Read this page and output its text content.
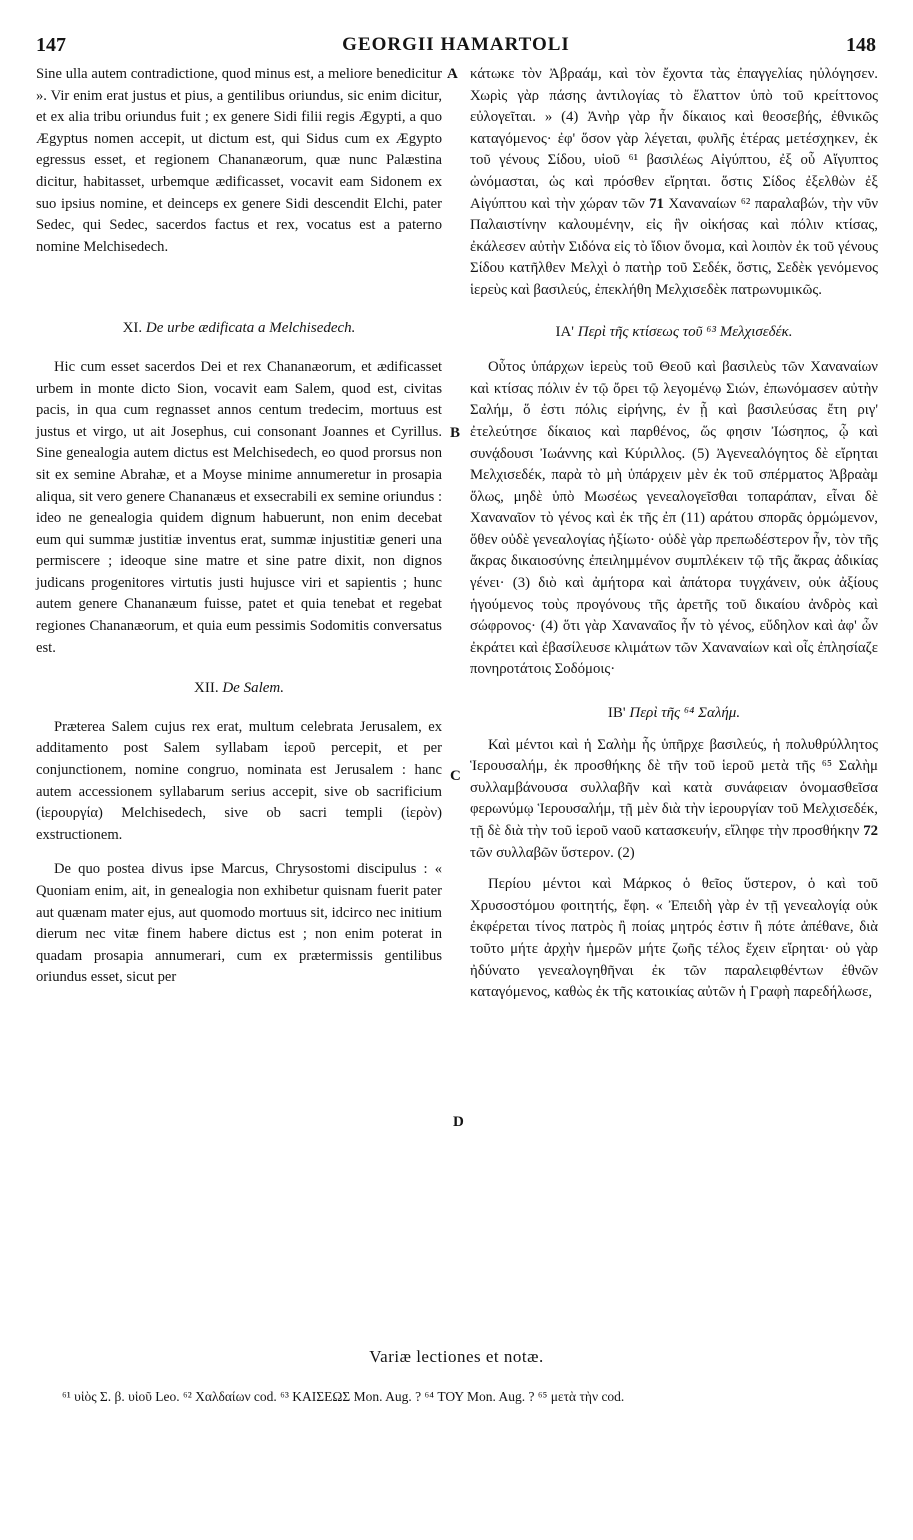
147	GEORGII HAMARTOLI	148
A
B
C
D

Sine ulla autem contradictione, quod minus est, a meliore benedicitur ». Vir enim erat justus et pius, a gentilibus oriundus, sic enim dicitur, et ex alia tribu oriundus fuit ; ex genere Sidi filii regis Ægypti, a quo Ægyptus nomen accepit, ut dictum est, qui Sidus cum ex Ægypto egressus esset, et regionem Chananæorum, quæ nunc Palæstina dicitur, habitasset, urbemque ædificasset, vocavit eam Sidonem ex suo ipsius nomine, et deinceps ex genere Sidi descendit Elchi, pater Sedec, qui Sedec, sacerdos factus et rex, vocatus est a paterno nomine Melchisedech.

XI. De urbe ædificata a Melchisedech.

Hic cum esset sacerdos Dei et rex Chananæorum, et ædificasset urbem in monte dicto Sion, vocavit eam Salem, quod est, civitas pacis, in qua cum regnasset annos centum tredecim, mortuus est justus et virgo, ut ait Josephus, cui consonant Joannes et Cyrillus. Sine genealogia autem dictus est Melchisedech, eo quod prorsus non sit ex semine Abrahæ, et a Moyse minime annumeretur in prosapia aliqua, sit vero genere Chananæus et exsecrabili ex semine oriundus : ideo ne genealogia quidem dignum habuerunt, non enim decebat eum qui summæ justitiæ inventus erat, summæ injustitiæ generi una permiscere ; ideoque sine matre et sine patre dixit, non dignos judicans progenitores virtutis justi hujusce viri et sapientis ; hunc autem genere Chananæum fuisse, patet et quia tenebat et regebat regiones Chananæorum, et quia eum pessimis Sodomitis conversatus est.

XII. De Salem.

Præterea Salem cujus rex erat, multum celebrata Jerusalem, ex additamento post Salem syllabam ἱεροῦ percepit, et per conjunctionem, nomine congruo, nominata est Jerusalem : hanc autem accessionem syllabarum serius accepit, sive ob sacrificium (ἱερουργία) Melchisedech, sive ob sacri templi (ἱερὸν) exstructionem.

De quo postea divus ipse Marcus, Chrysostomi discipulus : « Quoniam enim, ait, in genealogia non exhibetur quisnam fuerit pater aut quænam mater ejus, aut quomodo mortuus sit, idcirco nec initium dierum nec vitæ finem habere dictus est ; non enim poterat in quadam prosapia annumerari, cum ex prætermissis gentilibus oriundus esset, sicut per

κάτωκε τὸν Ἀβραάμ, καὶ τὸν ἔχοντα τὰς ἐπαγγελίας ηὐλόγησεν. Χωρὶς γὰρ πάσης ἀντιλογίας τὸ ἔλαττον ὑπὸ τοῦ κρείττονος εὐλογεῖται. » (4) Ἀνὴρ γὰρ ἦν δίκαιος καὶ θεοσεβής, ἐθνικῶς καταγόμενος· ἐφ' ὅσον γὰρ λέγεται, φυλῆς ἑτέρας μετέσχηκεν, ἐκ τοῦ γένους Σίδου, υἱοῦ ⁶¹ βασιλέως Αἰγύπτου, ἐξ οὗ Αἴγυπτος ὠνόμασται, ὡς καὶ πρόσθεν εἴρηται. ὅστις Σίδος ἐξελθὼν ἐξ Αἰγύπτου καὶ τὴν χώραν τῶν 71 Χαναναίων ⁶² παραλαβών, τὴν νῦν Παλαιστίνην καλουμένην, εἰς ἣν οἰκήσας καὶ πόλιν κτίσας, ἐκάλεσεν αὐτὴν Σιδόνα εἰς τὸ ἴδιον ὄνομα, καὶ λοιπὸν ἐκ τοῦ γένους Σίδου κατῆλθεν Μελχὶ ὁ πατὴρ τοῦ Σεδέκ, ὅστις, Σεδὲκ γενόμενος ἱερεὺς καὶ βασιλεύς, ἐπεκλήθη Μελχισεδὲκ πατρωνυμικῶς.

ΙΑ' Περὶ τῆς κτίσεως τοῦ ⁶³ Μελχισεδέκ.

Οὗτος ὑπάρχων ἱερεὺς τοῦ Θεοῦ καὶ βασιλεὺς τῶν Χαναναίων καὶ κτίσας πόλιν ἐν τῷ ὄρει τῷ λεγομένῳ Σιών, ἐπωνόμασεν αὐτὴν Σαλήμ, ὅ ἐστι πόλις εἰρήνης, ἐν ᾗ καὶ βασιλεύσας ἔτη ριγ' ἐτελεύτησε δίκαιος καὶ παρθένος, ὥς φησιν Ἰώσηπος, ᾧ καὶ συνᾴδουσι Ἰωάννης καὶ Κύριλλος. (5) Ἀγενεαλόγητος δὲ εἴρηται Μελχισεδέκ, παρὰ τὸ μὴ ὑπάρχειν μὲν ἐκ τοῦ σπέρματος Ἀβραὰμ ὅλως, μηδὲ ὑπὸ Μωσέως γενεαλογεῖσθαι τοπαράπαν, εἶναι δὲ Χαναναῖον τὸ γένος καὶ ἐκ τῆς ἐπ (11) αράτου σπορᾶς ὁρμώμενον, ὅθεν οὐδὲ γενεαλογίας ἠξίωτο· οὐδὲ γὰρ πρεπωδέστερον ἦν, τὸν τῆς ἄκρας δικαιοσύνης ἐπειλημμένον συμπλέκειν τῷ τῆς ἄκρας ἀδικίας γένει· (3) διὸ καὶ ἀμήτορα καὶ ἀπάτορα τυγχάνειν, οὐκ ἀξίους ἡγούμενος τοὺς προγόνους τῆς ἀρετῆς τοῦ δικαίου ἀνδρὸς καὶ σώφρονος· (4) ὅτι γὰρ Χαναναῖος ἦν τὸ γένος, εὔδηλον καὶ ἀφ' ὧν ἐκράτει καὶ ἐβασίλευσε κλιμάτων τῶν Χαναναίων καὶ οἷς ἐπλησίαζε πονηροτάτοις Σοδόμοις·

ΙΒ' Περὶ τῆς ⁶⁴ Σαλήμ.

Καὶ μέντοι καὶ ἡ Σαλὴμ ἧς ὑπῆρχε βασιλεύς, ἡ πολυθρύλλητος Ἱερουσαλήμ, ἐκ προσθήκης δὲ τῆν τοῦ ἱεροῦ μετὰ τῆς ⁶⁵ Σαλὴμ συλλαμβάνουσα συλλαβῆν καὶ κατὰ συνάφειαν ὀνομασθεῖσα φερωνύμῳ Ἱερουσαλήμ, τῇ μὲν διὰ τὴν ἱερουργίαν τοῦ Μελχισεδέκ, τῇ δὲ διὰ τὴν τοῦ ἱεροῦ ναοῦ κατασκευήν, εἴληφε τὴν προσθήκην 72 τῶν συλλαβῶν ὕστερον. (2)

Περίου μέντοι καὶ Μάρκος ὁ θεῖος ὕστερον, ὁ καὶ τοῦ Χρυσοστόμου φοιτητής, ἔφη. « Ἐπειδὴ γὰρ ἐν τῇ γενεαλογίᾳ οὐκ ἐκφέρεται τίνος πατρὸς ἢ ποίας μητρός ἐστιν ἢ πότε ἀπέθανε, διὰ τοῦτο μήτε ἀρχὴν ἡμερῶν μήτε ζωῆς τέλος ἔχειν εἴρηται· οὐ γὰρ ἠδύνατο γενεαλογηθῆναι ἐκ τῶν παραλειφθέντων ἐθνῶν καταγόμενος, καθὼς ἐκ τῆς κατοικίας αὐτῶν ἡ Γραφὴ παρεδήλωσε,

Variæ lectiones et notæ.
⁶¹ υἱὸς Σ. β. υἱοῦ Leo. ⁶² Χαλδαίων cod. ⁶³ ΚΑΙΣΕΩΣ Mon. Aug. ? ⁶⁴ ΤΟΥ Mon. Aug. ? ⁶⁵ μετὰ τὴν cod.
